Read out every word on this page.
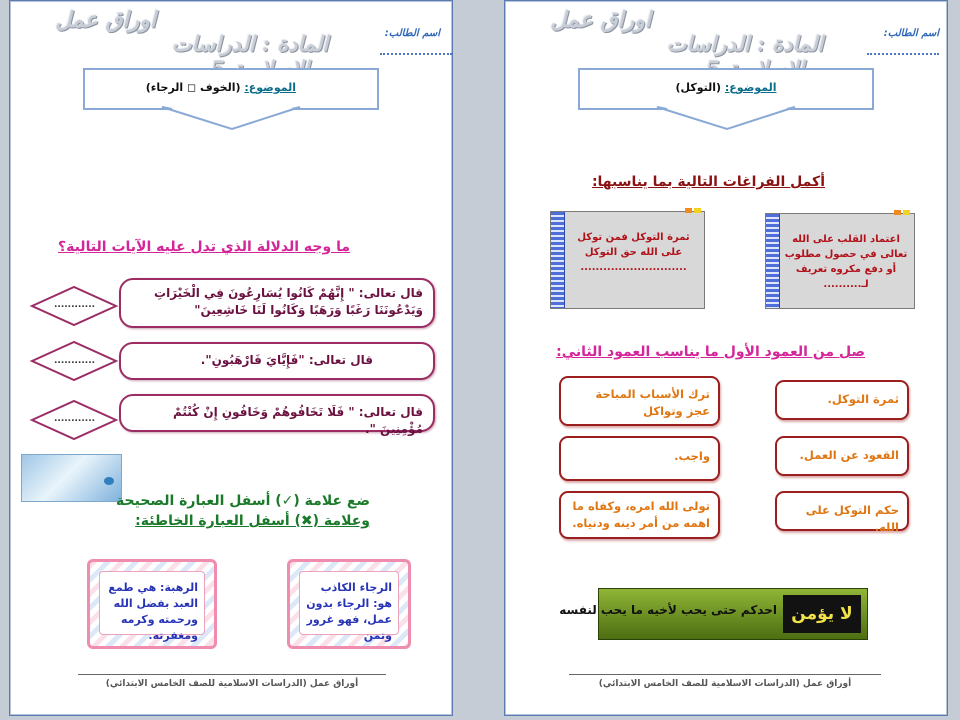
اسم الطالب:
اوراق عمل
المادة : الدراسات
الموضوع: (الخوف ◻ الرجاء)
ما وجه الدلالة الذي تدل عليه الآيات التالية؟
قال تعالى: " إِنَّهُمْ كَانُوا يُسَارِعُونَ فِي الْخَيْرَاتِ وَيَدْعُونَنَا رَغَبًا وَرَهَبًا وَكَانُوا لَنَا خَاشِعِينَ"
............
قال تعالى: "فَإِيَّايَ فَارْهَبُونِ".
............
قال تعالى: " فَلَا تَخَافُوهُمْ وَخَافُونِ إِنْ كُنْتُمْ مُؤْمِنِينَ ".
............
ضع علامة (✓) أسفل العبارة الصحيحة
وعلامة (✖) أسفل العبارة الخاطئة:
الرجاء الكاذب هو: الرجاء بدون عمل، فهو غرور وتمن
الرهبة: هي طمع العبد بفضل الله ورحمته وكرمه ومغفرته.
أوراق عمل (الدراسات الاسلامية للصف الخامس الابتدائي)
اسم الطالب:
اوراق عمل
المادة : الدراسات
الموضوع: (التوكل)
أكمل الفراغات التالية بما يناسبها:
اعتماد القلب على الله تعالى في حصول مطلوب أو دفع مكروه تعريف لـ..........
ثمرة التوكل فمن توكل على الله حق التوكل ............................
صل من العمود الأول ما يناسب العمود الثاني:
ثمرة التوكل.
القعود عن العمل.
حكم التوكل على الله.
ترك الأسباب المباحة عجز وتواكل
واجب.
تولى الله امره، وكفاه ما اهمه من أمر دينه ودنياه.
لا يؤمن
احدكم حتى يحب لأخيه ما يحب لنفسه
أوراق عمل (الدراسات الاسلامية للصف الخامس الابتدائي)
